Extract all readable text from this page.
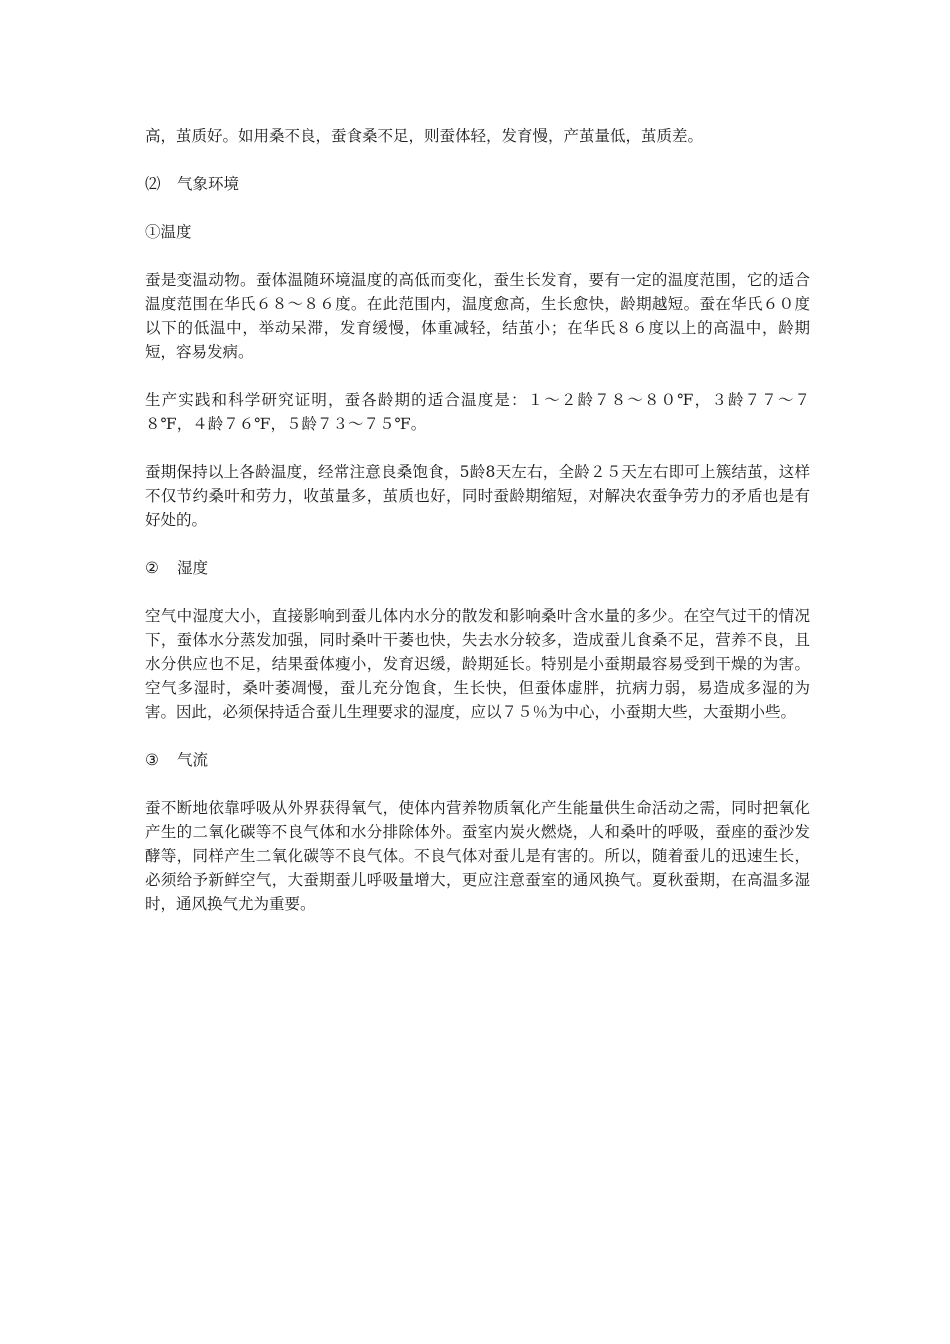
高，茧质好。如用桑不良，蚕食桑不足，则蚕体轻，发育慢，产茧量低，茧质差。

⑵ 气象环境

①温度

蚕是变温动物。蚕体温随环境温度的高低而变化，蚕生长发育，要有一定的温度范围，它的适合温度范围在华氏６８～８６度。在此范围内，温度愈高，生长愈快，龄期越短。蚕在华氏６０度以下的低温中，举动呆滞，发育缓慢，体重减轻，结茧小；在华氏８６度以上的高温中，龄期短，容易发病。

生产实践和科学研究证明，蚕各龄期的适合温度是：１～２龄７８～８０℉，３龄７７～７８℉，４龄７６℉，５龄７３～７５℉。

蚕期保持以上各龄温度，经常注意良桑饱食，5龄8天左右，全龄２５天左右即可上簇结茧，这样不仅节约桑叶和劳力，收茧量多，茧质也好，同时蚕龄期缩短，对解决农蚕争劳力的矛盾也是有好处的。

② 湿度

空气中湿度大小，直接影响到蚕儿体内水分的散发和影响桑叶含水量的多少。在空气过干的情况下，蚕体水分蒸发加强，同时桑叶干萎也快，失去水分较多，造成蚕儿食桑不足，营养不良，且水分供应也不足，结果蚕体瘦小，发育迟缓，龄期延长。特别是小蚕期最容易受到干燥的为害。空气多湿时，桑叶萎凋慢，蚕儿充分饱食，生长快，但蚕体虚胖，抗病力弱，易造成多湿的为害。因此，必须保持适合蚕儿生理要求的湿度，应以７５％为中心，小蚕期大些，大蚕期小些。

③ 气流

蚕不断地依靠呼吸从外界获得氧气，使体内营养物质氧化产生能量供生命活动之需，同时把氧化产生的二氧化碳等不良气体和水分排除体外。蚕室内炭火燃烧，人和桑叶的呼吸，蚕座的蚕沙发酵等，同样产生二氧化碳等不良气体。不良气体对蚕儿是有害的。所以，随着蚕儿的迅速生长，必须给予新鲜空气，大蚕期蚕儿呼吸量增大，更应注意蚕室的通风换气。夏秋蚕期，在高温多湿时，通风换气尤为重要。
